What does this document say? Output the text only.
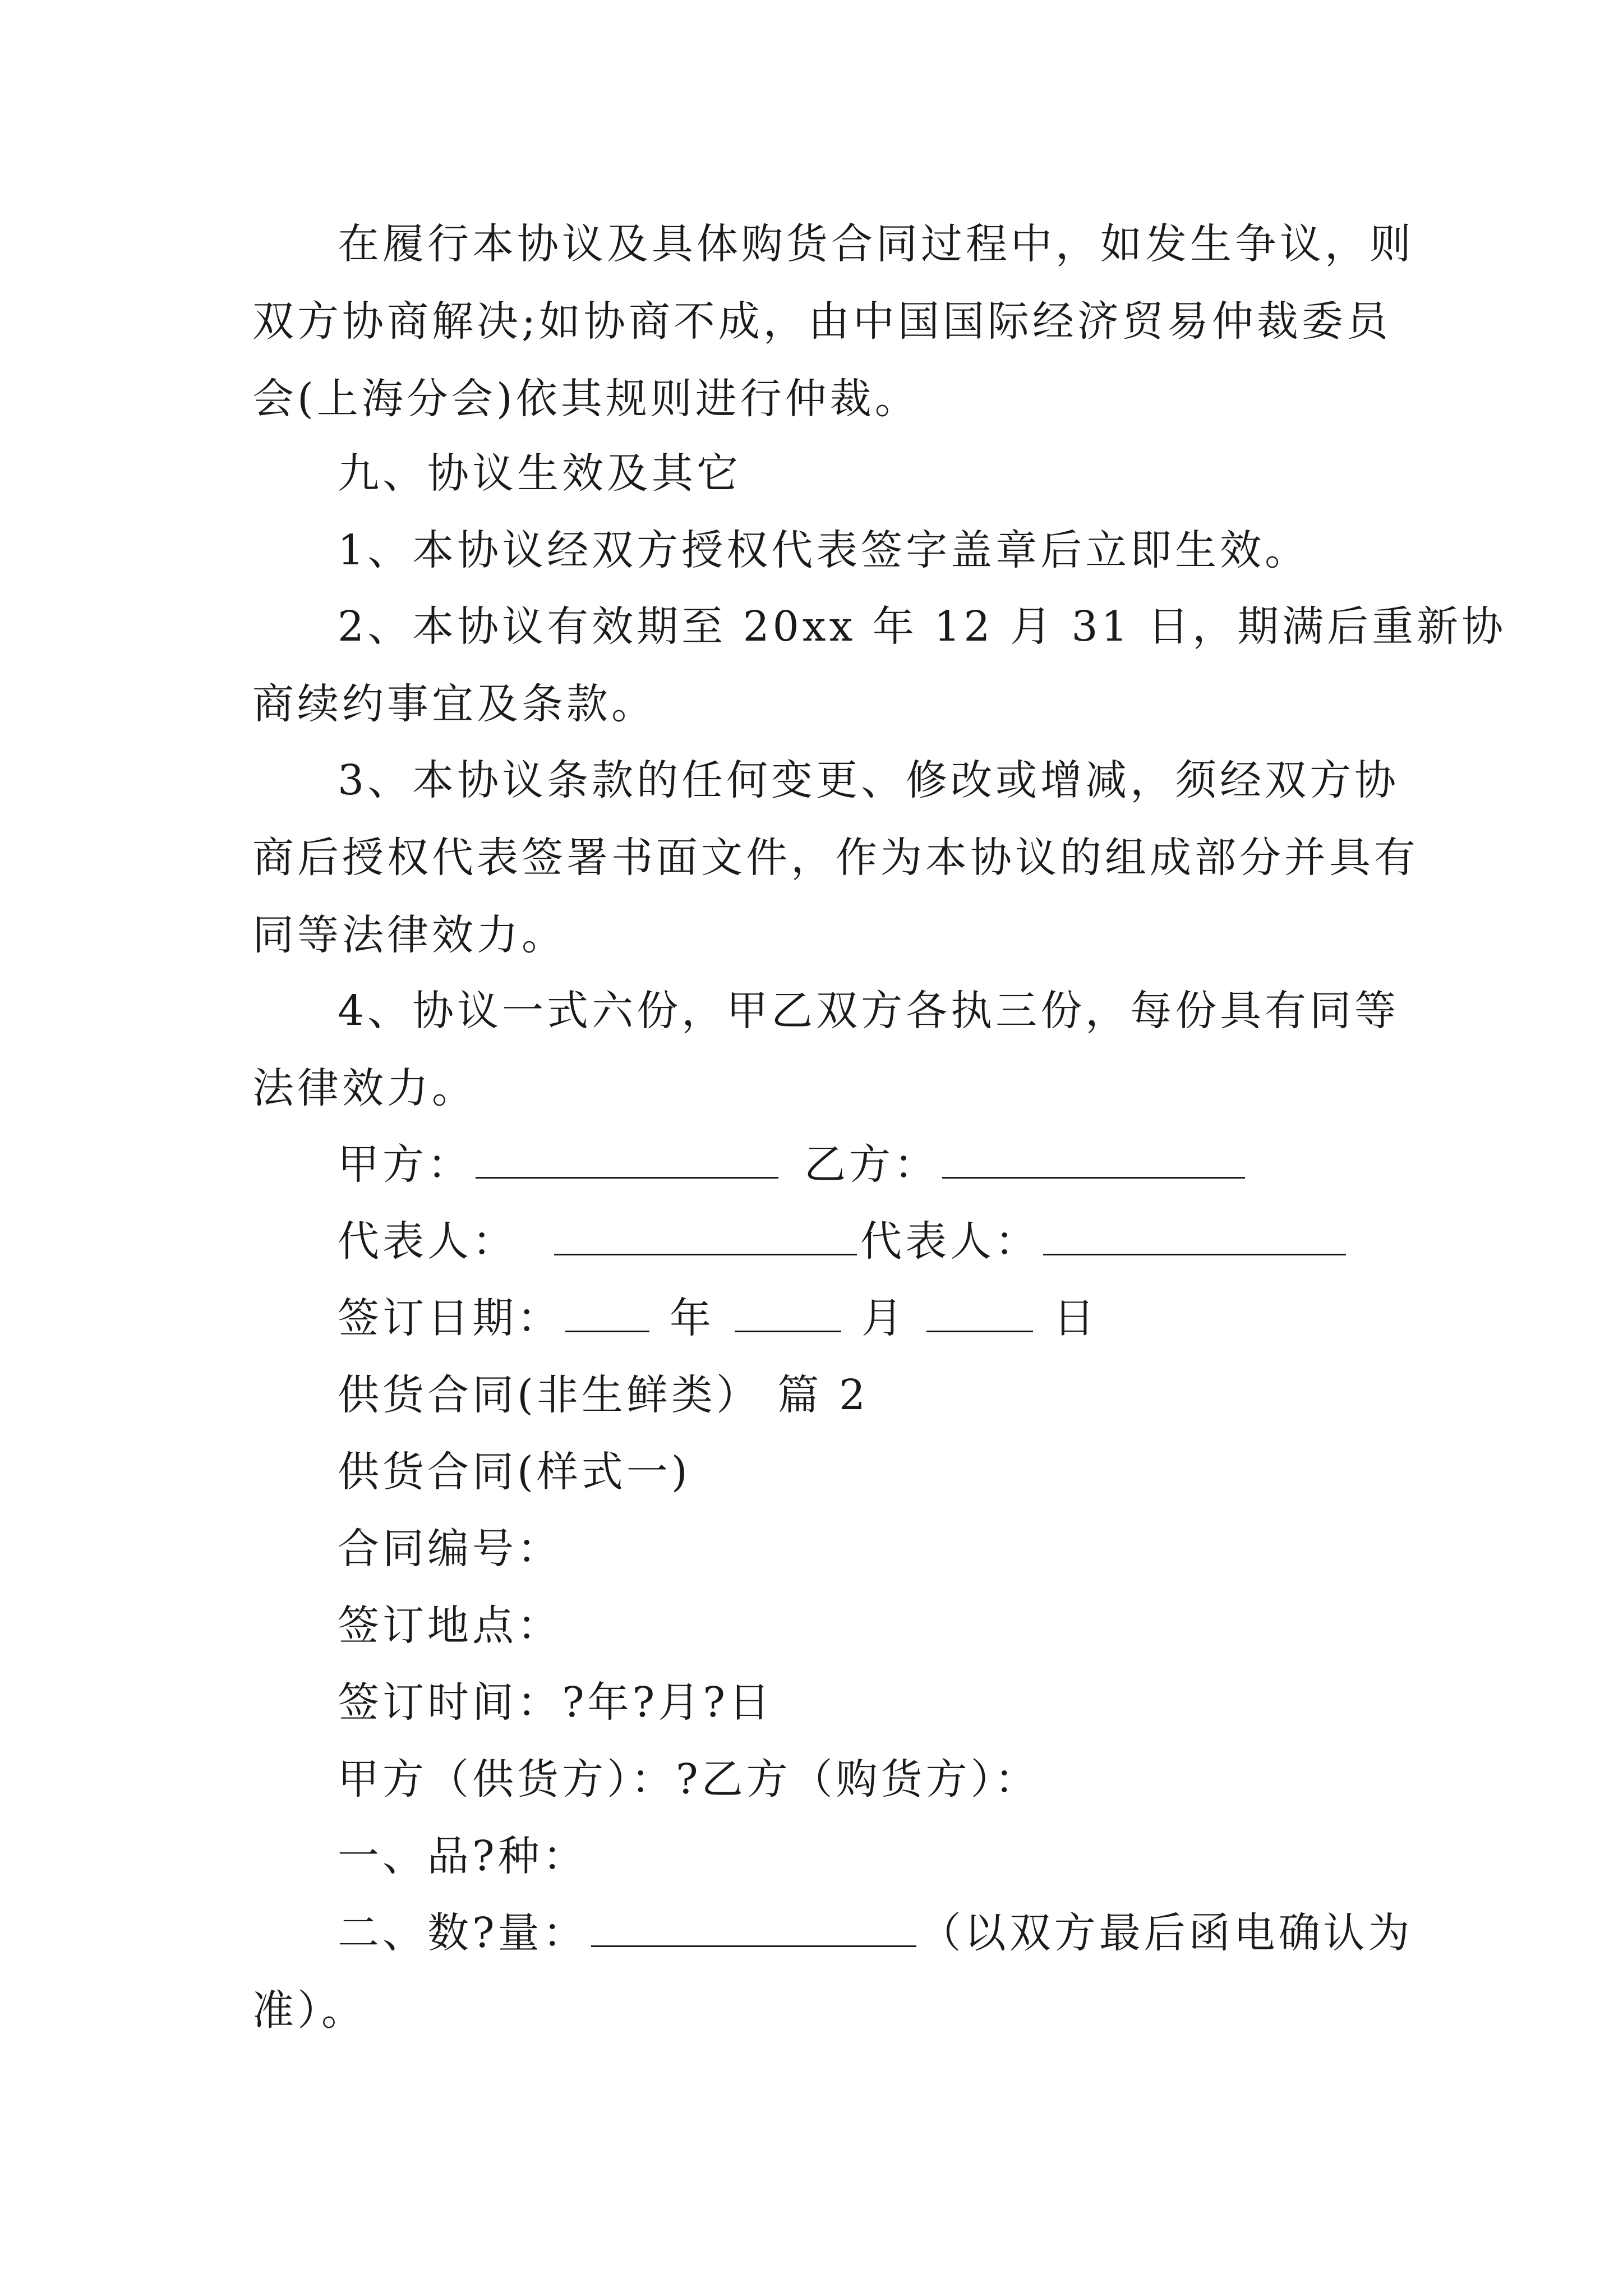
在履行本协议及具体购货合同过程中，如发生争议，则
双方协商解决;如协商不成，由中国国际经济贸易仲裁委员
会(上海分会)依其规则进行仲裁。
九、协议生效及其它
1、本协议经双方授权代表签字盖章后立即生效。
2、本协议有效期至 20xx 年 12 月 31 日，期满后重新协
商续约事宜及条款。
3、本协议条款的任何变更、修改或增减，须经双方协
商后授权代表签署书面文件，作为本协议的组成部分并具有
同等法律效力。
4、协议一式六份，甲乙双方各执三份，每份具有同等
法律效力。
甲方：	乙方：
代表人：	代表人：
签订日期：	年	月	日
供货合同(非生鲜类） 篇 2
供货合同(样式一)
合同编号：
签订地点：
签订时间：?年?月?日
甲方（供货方）：?乙方（购货方）：
一、品?种：
二、数?量：	（以双方最后函电确认为
准）。
